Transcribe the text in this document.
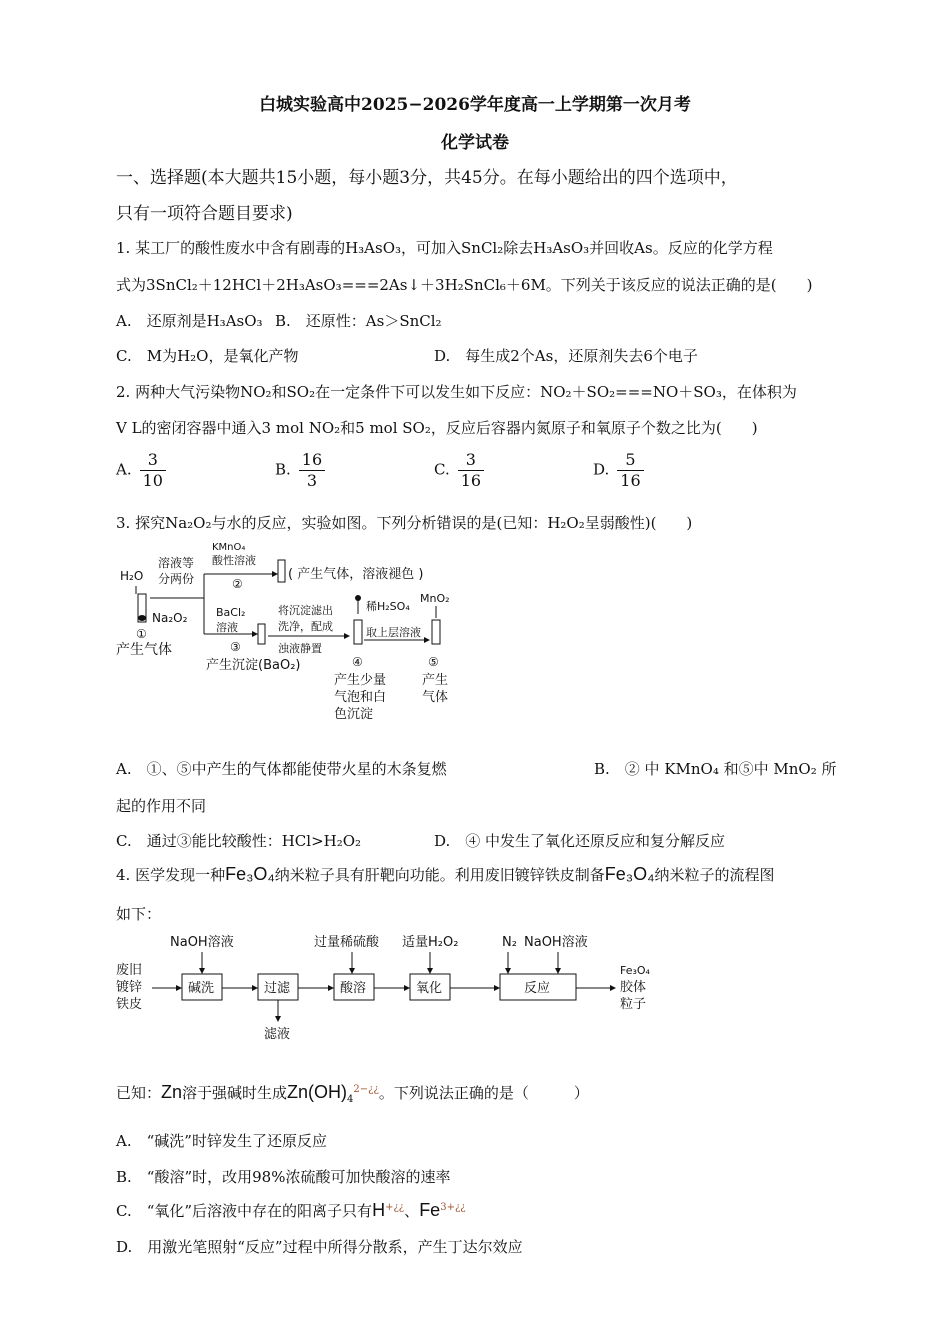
白城实验高中2025−2026学年度高一上学期第一次月考
化学试卷
一、选择题(本大题共15小题，每小题3分，共45分。在每小题给出的四个选项中，
只有一项符合题目要求)
1. 某工厂的酸性废水中含有剧毒的H₃AsO₃，可加入SnCl₂除去H₃AsO₃并回收As。反应的化学方程
式为3SnCl₂＋12HCl＋2H₃AsO₃===2As↓＋3H₂SnCl₆＋6M。下列关于该反应的说法正确的是(　　)
A.　还原剂是H₃AsO₃ B.　还原性：As＞SnCl₂
C.　M为H₂O，是氧化产物	D.　每生成2个As，还原剂失去6个电子
2. 两种大气污染物NO₂和SO₂在一定条件下可以发生如下反应：NO₂＋SO₂===NO＋SO₃，在体积为
V L的密闭容器中通入3 mol NO₂和5 mol SO₂，反应后容器内氮原子和氧原子个数之比为(　　)
A. $\frac{3}{10}$	B. $\frac{16}{3}$	C. $\frac{3}{16}$	D. $\frac{5}{16}$
3. 探究Na₂O₂与水的反应，实验如图。下列分析错误的是(已知：H₂O₂呈弱酸性)(　　)
H₂O
Na₂O₂
①
产生气体
溶液等
分两份
KMnO₄
酸性溶液
②
( 产生气体，溶液褪色 )
BaCl₂
溶液
③
产生沉淀(BaO₂)
将沉淀滤出
洗净，配成
浊液静置
稀H₂SO₄
④
产生少量
气泡和白
色沉淀
取上层溶液
MnO₂
⑤
产生
气体
A.　①、⑤中产生的气体都能使带火星的木条复燃	B.　② 中 KMnO₄ 和⑤中 MnO₂ 所
起的作用不同
C.　通过③能比较酸性：HCl>H₂O₂	D.　④ 中发生了氧化还原反应和复分解反应
4. 医学发现一种Fe₃O₄纳米粒子具有肝靶向功能。利用废旧镀锌铁皮制备Fe₃O₄纳米粒子的流程图
如下：
废旧
镀锌
铁皮
NaOH溶液
碱洗	过滤
滤液
过量稀硫酸
酸溶
适量H₂O₂
氧化
N₂ NaOH溶液
反应
Fe₃O₄
胶体
粒子
已知：Zn溶于强碱时生成$Zn(OH)_4^{2-¿¿}$。下列说法正确的是（　　　）
A.　“碱洗”时锌发生了还原反应
B.　“酸溶”时，改用98%浓硫酸可加快酸溶的速率
C.　“氧化”后溶液中存在的阳离子只有H+¿¿、$Fe^{3+¿¿}$
D.　用激光笔照射“反应”过程中所得分散系，产生丁达尔效应
